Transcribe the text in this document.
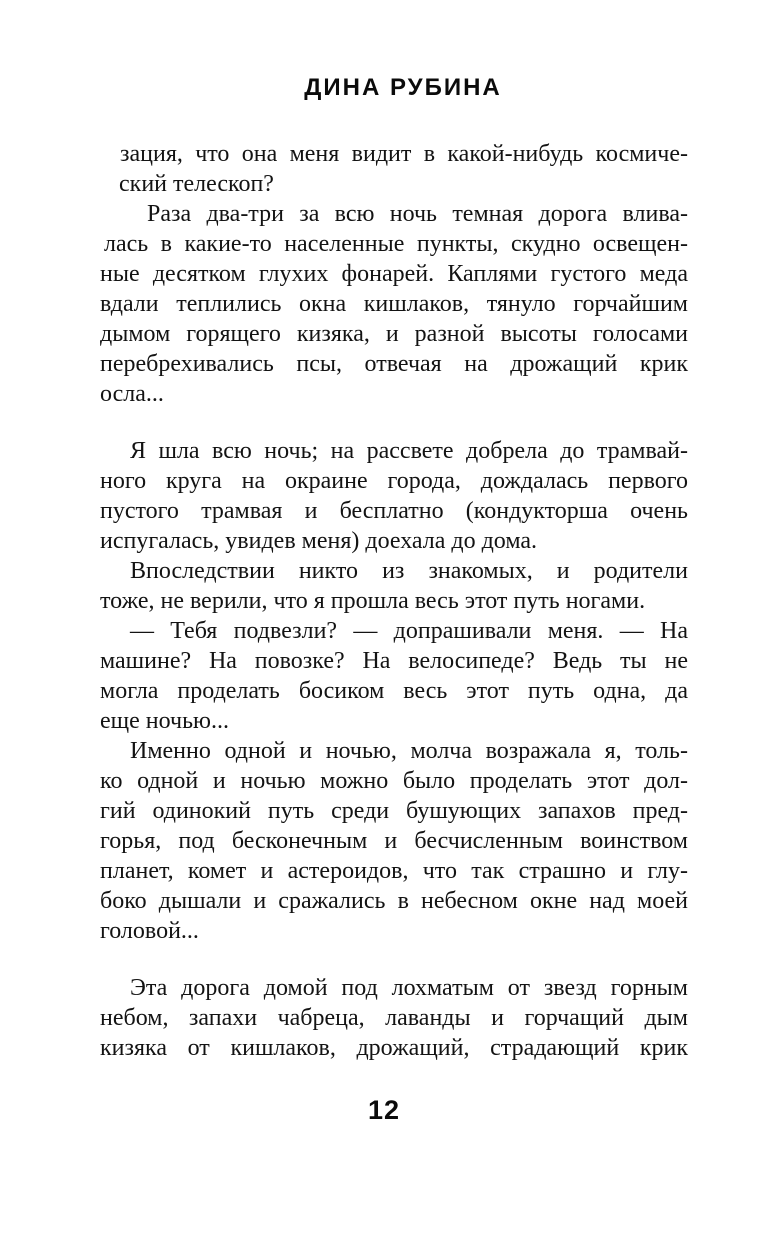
ДИНА РУБИНА
зация, что она меня видит в какой-нибудь космиче-
ский телескоп?
Раза два-три за всю ночь темная дорога влива-
лась в какие-то населенные пункты, скудно освещен-
ные десятком глухих фонарей. Каплями густого меда
вдали теплились окна кишлаков, тянуло горчайшим
дымом горящего кизяка, и разной высоты голосами
перебрехивались псы, отвечая на дрожащий крик
осла...
Я шла всю ночь; на рассвете добрела до трамвай-
ного круга на окраине города, дождалась первого
пустого трамвая и бесплатно (кондукторша очень
испугалась, увидев меня) доехала до дома.
Впоследствии никто из знакомых, и родители
тоже, не верили, что я прошла весь этот путь ногами.
— Тебя подвезли? — допрашивали меня. — На
машине? На повозке? На велосипеде? Ведь ты не
могла проделать босиком весь этот путь одна, да
еще ночью...
Именно одной и ночью, молча возражала я, толь-
ко одной и ночью можно было проделать этот дол-
гий одинокий путь среди бушующих запахов пред-
горья, под бесконечным и бесчисленным воинством
планет, комет и астероидов, что так страшно и глу-
боко дышали и сражались в небесном окне над моей
головой...
Эта дорога домой под лохматым от звезд горным
небом, запахи чабреца, лаванды и горчащий дым
кизяка от кишлаков, дрожащий, страдающий крик
12
